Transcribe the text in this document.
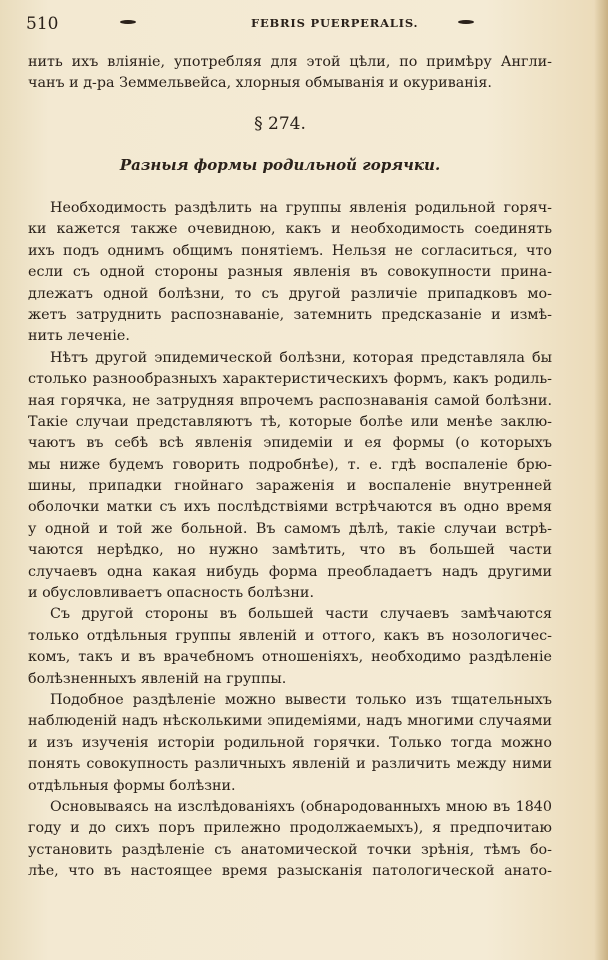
510	FEBRIS PUERPERALIS.
нить ихъ вліяніе, употребляя для этой цѣли, по примѣру Англи-
чанъ и д-ра Земмельвейса, хлорныя обмыванія и окуриванія.
§ 274.
Разныя формы родильной горячки.
Необходимость раздѣлить на группы явленія родильной горяч-
ки кажется также очевидною, какъ и необходимость соединять
ихъ подъ однимъ общимъ понятіемъ. Нельзя не согласиться, что
если съ одной стороны разныя явленія въ совокупности прина-
длежатъ одной болѣзни, то съ другой различіе припадковъ мо-
жетъ затруднить распознаваніе, затемнить предсказаніе и измѣ-
нить леченіе.
Нѣтъ другой эпидемической болѣзни, которая представляла бы
столько разнообразныхъ характеристическихъ формъ, какъ родиль-
ная горячка, не затрудняя впрочемъ распознаванія самой болѣзни.
Такіе случаи представляютъ тѣ, которые болѣе или менѣе заклю-
чаютъ въ себѣ всѣ явленія эпидеміи и ея формы (о которыхъ
мы ниже будемъ говорить подробнѣе), т. е. гдѣ воспаленіе брю-
шины, припадки гнойнаго зараженія и воспаленіе внутренней
оболочки матки съ ихъ послѣдствіями встрѣчаются въ одно время
у одной и той же больной. Въ самомъ дѣлѣ, такіе случаи встрѣ-
чаются нерѣдко, но нужно замѣтить, что въ большей части
случаевъ одна какая нибудь форма преобладаетъ надъ другими
и обусловливаетъ опасность болѣзни.
Съ другой стороны въ большей части случаевъ замѣчаются
только отдѣльныя группы явленій и оттого, какъ въ нозологичес-
комъ, такъ и въ врачебномъ отношеніяхъ, необходимо раздѣленіе
болѣзненныхъ явленій на группы.
Подобное раздѣленіе можно вывести только изъ тщательныхъ
наблюденій надъ нѣсколькими эпидеміями, надъ многими случаями
и изъ изученія исторіи родильной горячки. Только тогда можно
понять совокупность различныхъ явленій и различить между ними
отдѣльныя формы болѣзни.
Основываясь на изслѣдованіяхъ (обнародованныхъ мною въ 1840
году и до сихъ поръ прилежно продолжаемыхъ), я предпочитаю
установить раздѣленіе съ анатомической точки зрѣнія, тѣмъ бо-
лѣе, что въ настоящее время разысканія патологической анато-
